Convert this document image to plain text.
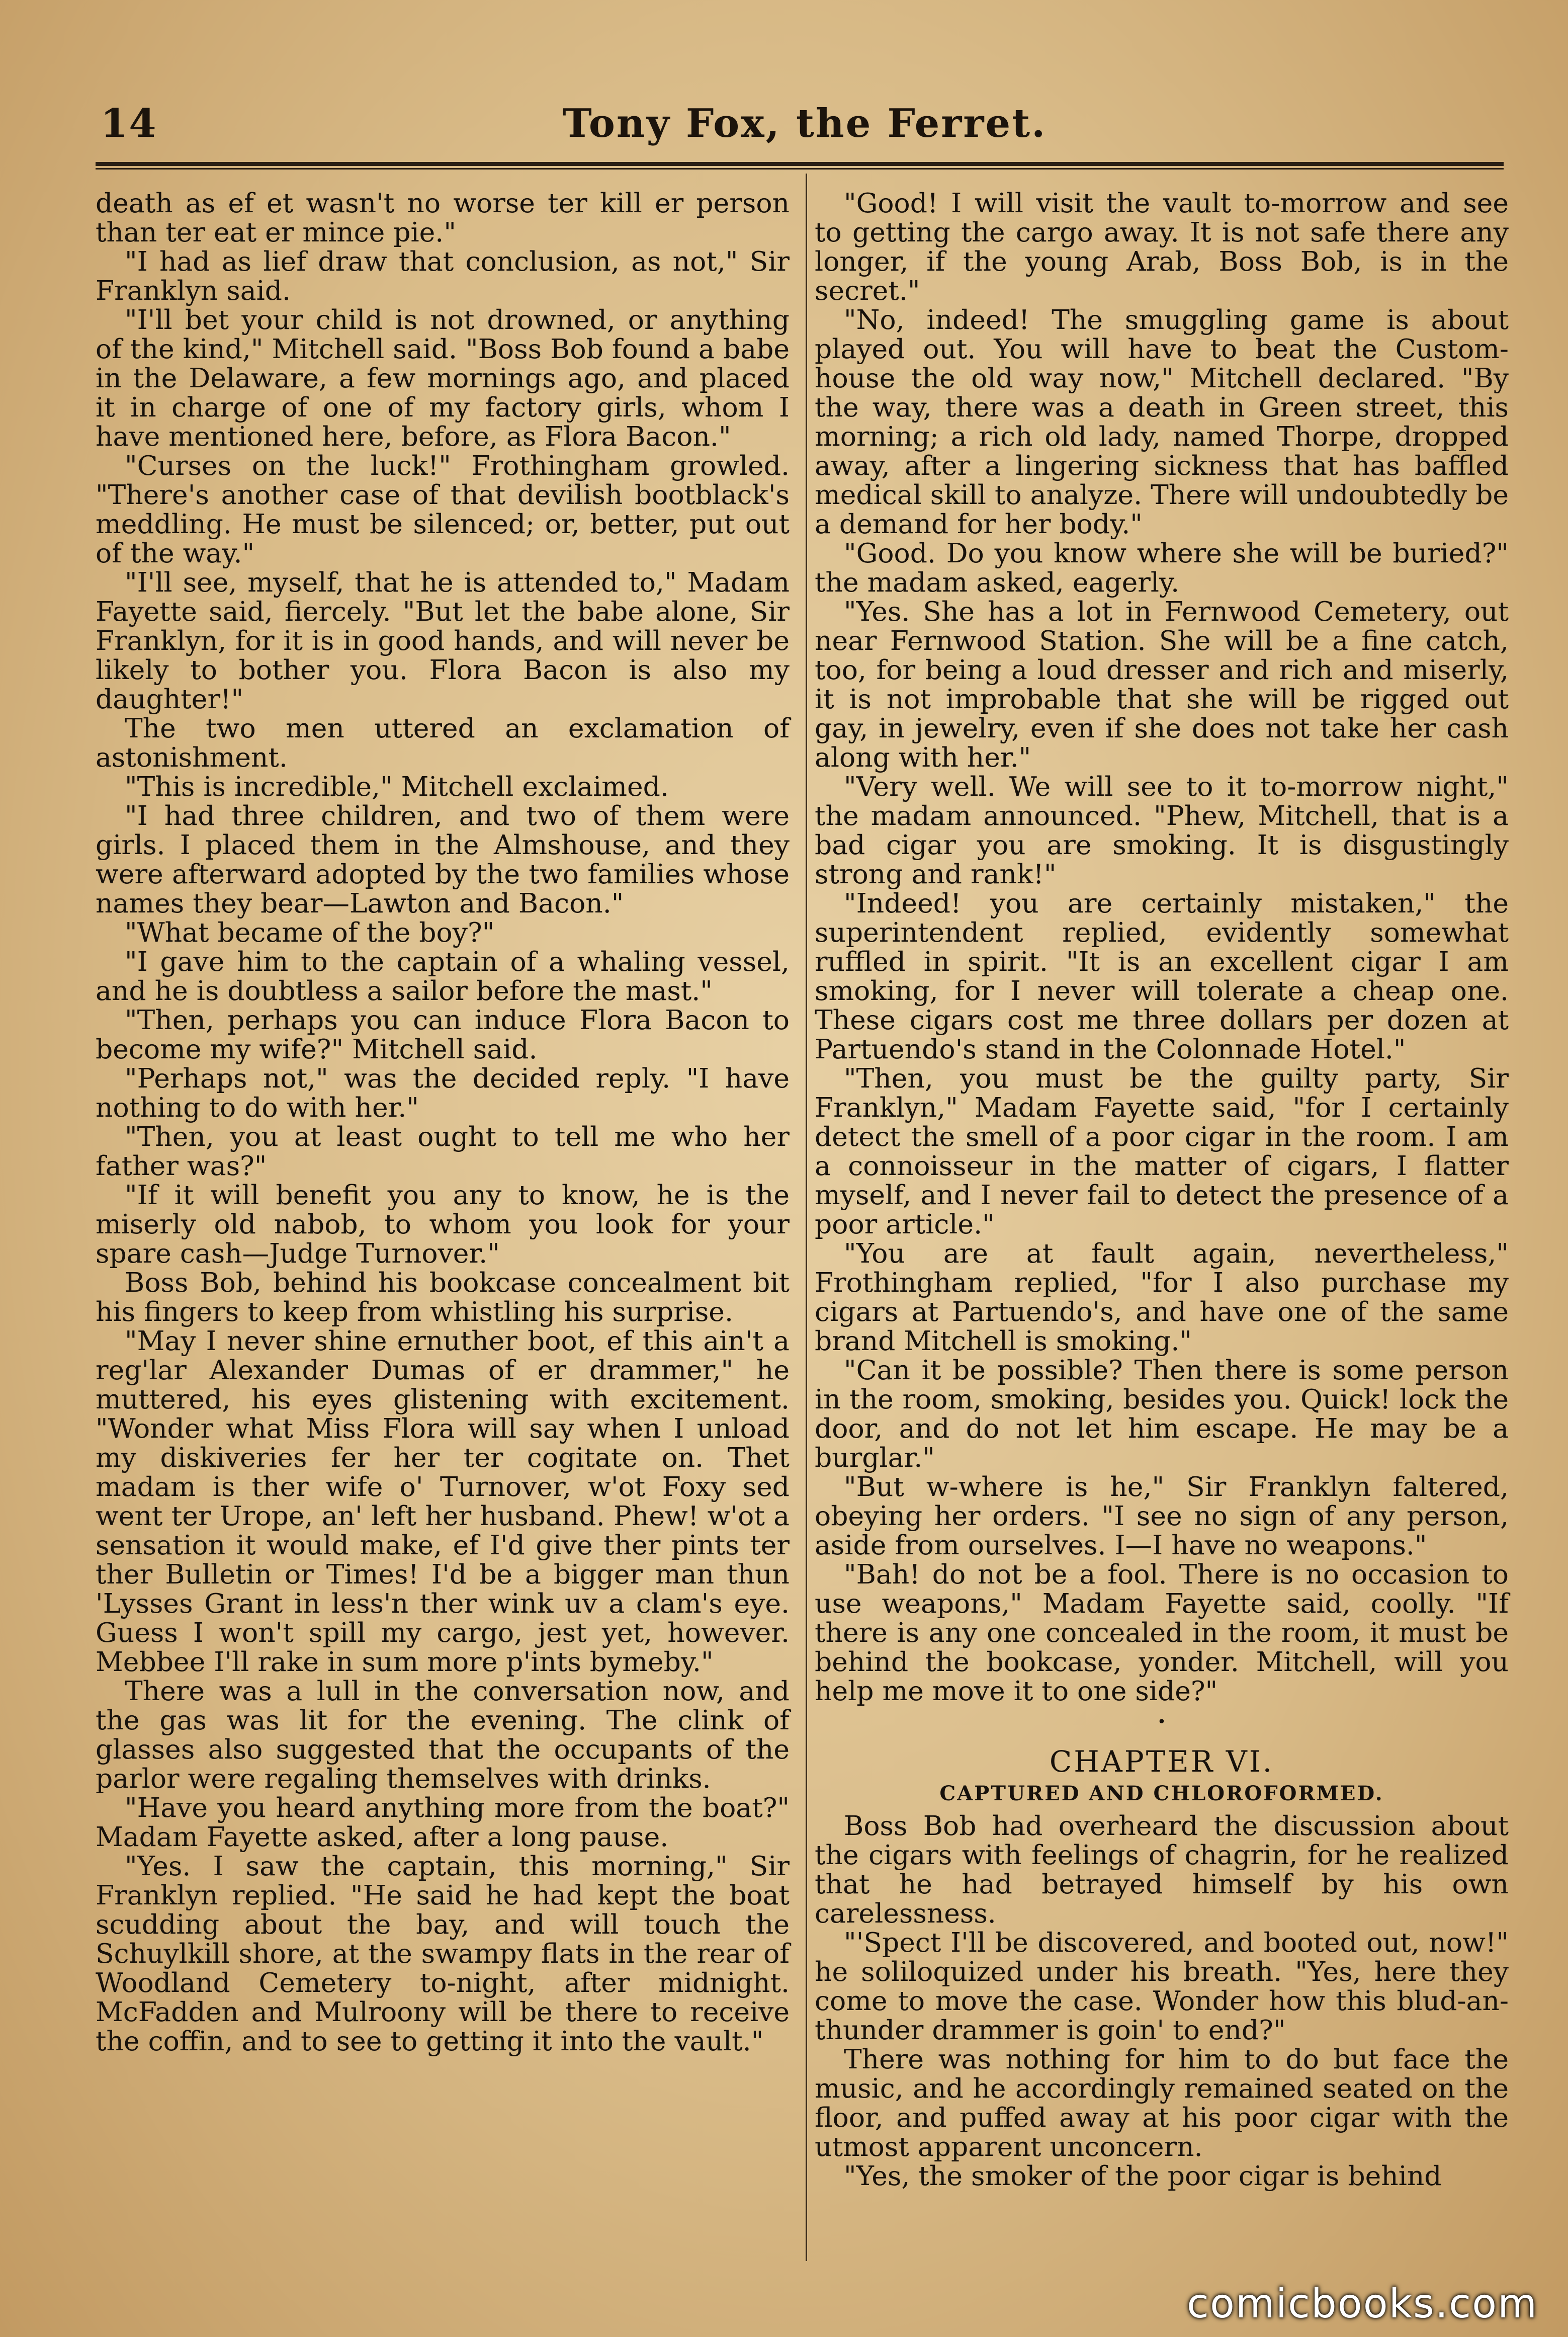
14	Tony Fox, the Ferret.

death as ef et wasn't no worse ter kill er person than ter eat er mince pie."

"I had as lief draw that conclusion, as not," Sir Franklyn said.

"I'll bet your child is not drowned, or anything of the kind," Mitchell said. "Boss Bob found a babe in the Delaware, a few mornings ago, and placed it in charge of one of my factory girls, whom I have mentioned here, before, as Flora Bacon."

"Curses on the luck!" Frothingham growled. "There's another case of that devilish bootblack's meddling. He must be silenced; or, better, put out of the way."

"I'll see, myself, that he is attended to," Madam Fayette said, fiercely. "But let the babe alone, Sir Franklyn, for it is in good hands, and will never be likely to bother you. Flora Bacon is also my daughter!"

The two men uttered an exclamation of astonishment.

"This is incredible," Mitchell exclaimed.

"I had three children, and two of them were girls. I placed them in the Almshouse, and they were afterward adopted by the two families whose names they bear—Lawton and Bacon."

"What became of the boy?"

"I gave him to the captain of a whaling vessel, and he is doubtless a sailor before the mast."

"Then, perhaps you can induce Flora Bacon to become my wife?" Mitchell said.

"Perhaps not," was the decided reply. "I have nothing to do with her."

"Then, you at least ought to tell me who her father was?"

"If it will benefit you any to know, he is the miserly old nabob, to whom you look for your spare cash—Judge Turnover."

Boss Bob, behind his bookcase concealment bit his fingers to keep from whistling his surprise.

"May I never shine ernuther boot, ef this ain't a reg'lar Alexander Dumas of er drammer," he muttered, his eyes glistening with excitement. "Wonder what Miss Flora will say when I unload my diskiveries fer her ter cogitate on. Thet madam is ther wife o' Turnover, w'ot Foxy sed went ter Urope, an' left her husband. Phew! w'ot a sensation it would make, ef I'd give ther pints ter ther Bulletin or Times! I'd be a bigger man thun 'Lysses Grant in less'n ther wink uv a clam's eye. Guess I won't spill my cargo, jest yet, however. Mebbee I'll rake in sum more p'ints bymeby."

There was a lull in the conversation now, and the gas was lit for the evening. The clink of glasses also suggested that the occupants of the parlor were regaling themselves with drinks.

"Have you heard anything more from the boat?" Madam Fayette asked, after a long pause.

"Yes. I saw the captain, this morning," Sir Franklyn replied. "He said he had kept the boat scudding about the bay, and will touch the Schuylkill shore, at the swampy flats in the rear of Woodland Cemetery to-night, after midnight. McFadden and Mulroony will be there to receive the coffin, and to see to getting it into the vault."

"Good! I will visit the vault to-morrow and see to getting the cargo away. It is not safe there any longer, if the young Arab, Boss Bob, is in the secret."

"No, indeed! The smuggling game is about played out. You will have to beat the Custom-house the old way now," Mitchell declared. "By the way, there was a death in Green street, this morning; a rich old lady, named Thorpe, dropped away, after a lingering sickness that has baffled medical skill to analyze. There will undoubtedly be a demand for her body."

"Good. Do you know where she will be buried?" the madam asked, eagerly.

"Yes. She has a lot in Fernwood Cemetery, out near Fernwood Station. She will be a fine catch, too, for being a loud dresser and rich and miserly, it is not improbable that she will be rigged out gay, in jewelry, even if she does not take her cash along with her."

"Very well. We will see to it to-morrow night," the madam announced. "Phew, Mitchell, that is a bad cigar you are smoking. It is disgustingly strong and rank!"

"Indeed! you are certainly mistaken," the superintendent replied, evidently somewhat ruffled in spirit. "It is an excellent cigar I am smoking, for I never will tolerate a cheap one. These cigars cost me three dollars per dozen at Partuendo's stand in the Colonnade Hotel."

"Then, you must be the guilty party, Sir Franklyn," Madam Fayette said, "for I certainly detect the smell of a poor cigar in the room. I am a connoisseur in the matter of cigars, I flatter myself, and I never fail to detect the presence of a poor article."

"You are at fault again, nevertheless," Frothingham replied, "for I also purchase my cigars at Partuendo's, and have one of the same brand Mitchell is smoking."

"Can it be possible? Then there is some person in the room, smoking, besides you. Quick! lock the door, and do not let him escape. He may be a burglar."

"But w-where is he," Sir Franklyn faltered, obeying her orders. "I see no sign of any person, aside from ourselves. I—I have no weapons."

"Bah! do not be a fool. There is no occasion to use weapons," Madam Fayette said, coolly. "If there is any one concealed in the room, it must be behind the bookcase, yonder. Mitchell, will you help me move it to one side?"

•
CHAPTER VI.
CAPTURED AND CHLOROFORMED.

Boss Bob had overheard the discussion about the cigars with feelings of chagrin, for he realized that he had betrayed himself by his own carelessness.

"'Spect I'll be discovered, and booted out, now!" he soliloquized under his breath. "Yes, here they come to move the case. Wonder how this blud-an-thunder drammer is goin' to end?"

There was nothing for him to do but face the music, and he accordingly remained seated on the floor, and puffed away at his poor cigar with the utmost apparent unconcern.

"Yes, the smoker of the poor cigar is behind

comicbooks.com
